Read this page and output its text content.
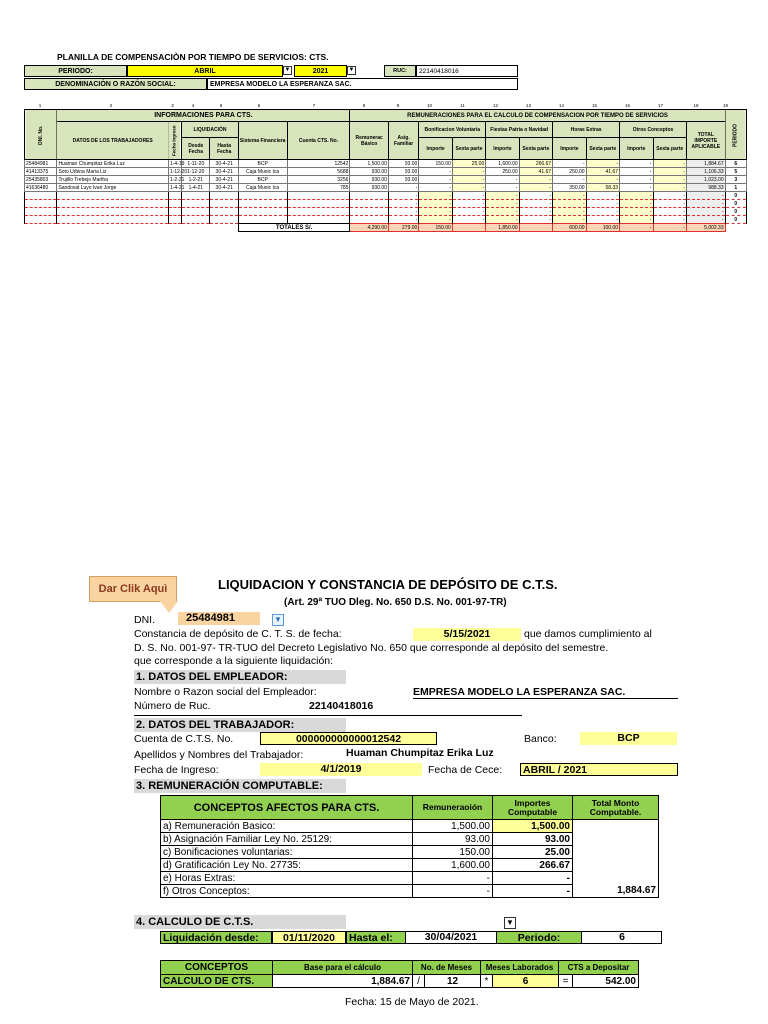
PLANILLA DE COMPENSACIÒN POR TIEMPO DE SERVICIOS: CTS.
PERIODO:	ABRIL	▼	2021	▼	RUC:	22140418016
DENOMINACIÓN O RAZÓN SOCIAL:	EMPRESA MODELO LA ESPERANZA SAC.
1	2	3	4	5	6	7	8	9	10	11	12	13	14	15	16	17	18	19
DNI. No.	INFORMACIONES PARA CTS.						REMUNERACIONES PARA EL CALCULO DE COMPENSACION POR TIEMPO DE SERVICIOS											PERIODO
	DATOS DE LOS TRABAJADORES	Fecha Ingreso	LIQUIDACIÓN		Sistema Financiera	Cuenta CTS. No.	Remunerac Básico	Asig. Familiar	Bonificacion Voluntaria		Fiestas Patria o Navidad		Horas Extras		Otros Conceptos		TOTAL IMPORTE APLICABLE	
			Desde Fecha	Hasta Fecha					Importe	Sexta parte	Importe	Sexta parte	Importe	Sexta parte	Importe	Sexta parte		
25484981	Huaman Chumpitaz Erika Luz	1-4-19	1-11-20	30-4-21	BCP	12542	1,500.00	93.00	150.00	25.00	1,600.00	266.67	-	-	-	-	1,884.67	6
41413375	Soto Urbina Maria Liz	1-12-20	1-12-20	30-4-21	Caja Munic Ica	5688	930.00	93.00	-	-	250.00	41.67	250.00	41.67	-	-	1,106.33	5
25435803	Trujillo Trebejo Martha	1-2-21	1-2-21	30-4-21	BCP	3256	930.00	93.00	-	-	-	-	-	-	-	-	1,023.00	3
41636480	Sandoval Luyo Ivan Jorge	1-4-21	1-4-21	30-4-21	Caja Munic Ica	785	930.00	-	-	-	-	-	350.00	58.33	-	-	988.33	1
								-	-	-	-	-	-	-	-	-	-	0
								-	-	-	-	-	-	-	-	-	-	0
								-	-	-	-	-	-	-	-	-	-	0
								-	-	-	-	-	-	-	-	-	-	0
					TOTALES S/.		4,290.00	279.00	150.00		1,850.00		600.00	100.00	-	-	5,002.33	
Dar Clik Aquì	LIQUIDACION Y CONSTANCIA DE DEPÓSITO DE C.T.S.
(Art. 29ª TUO Dleg. No. 650 D.S. No. 001-97-TR)
DNI.	25484981	▼
Constancia de depósito de C. T. S. de fecha:	5/15/2021	que damos cumplimiento al
D. S. No. 001-97- TR-TUO del Decreto Legislativo No. 650 que corresponde al depósito del semestre.
que corresponde a la siguiente liquidación:
1. DATOS DEL EMPLEADOR:
Nombre o Razon social del Empleador:	EMPRESA MODELO LA ESPERANZA SAC.
Número de Ruc.	22140418016
2. DATOS DEL TRABAJADOR:
Cuenta de C.T.S. No.	000000000000012542	Banco:	BCP
Apellidos y Nombres del Trabajador:	Huaman Chumpitaz Erika Luz
Fecha de Ingreso:	4/1/2019	Fecha de Cece: ABRIL / 2021
3. REMUNERACIÓN COMPUTABLE:
CONCEPTOS AFECTOS PARA CTS.	Remuneraoión	Importes Computable	Total Monto Computable.
a) Remuneración Basico:	1,500.00	1,500.00	
b) Asignación Familiar Ley No. 25129:	93.00	93.00	
c) Bonificaciones voluntarias:	150.00	25.00	
d) Gratificación Ley No. 27735:	1,600.00	266.67	
e) Horas Extras:	-	-	
f) Otros Conceptos:	-	-	1,884.67
4. CALCULO DE C.T.S.	▼
Liquidación desde:	01/11/2020	Hasta el:	30/04/2021	Periodo:	6
CONCEPTOS	Base para el cálculo	No. de Meses		Meses Laborados		CTS a Depositar	
CALCULO DE CTS.	1,884.67	/	12	*	6	=	542.00
Fecha: 15 de Mayo de 2021.
